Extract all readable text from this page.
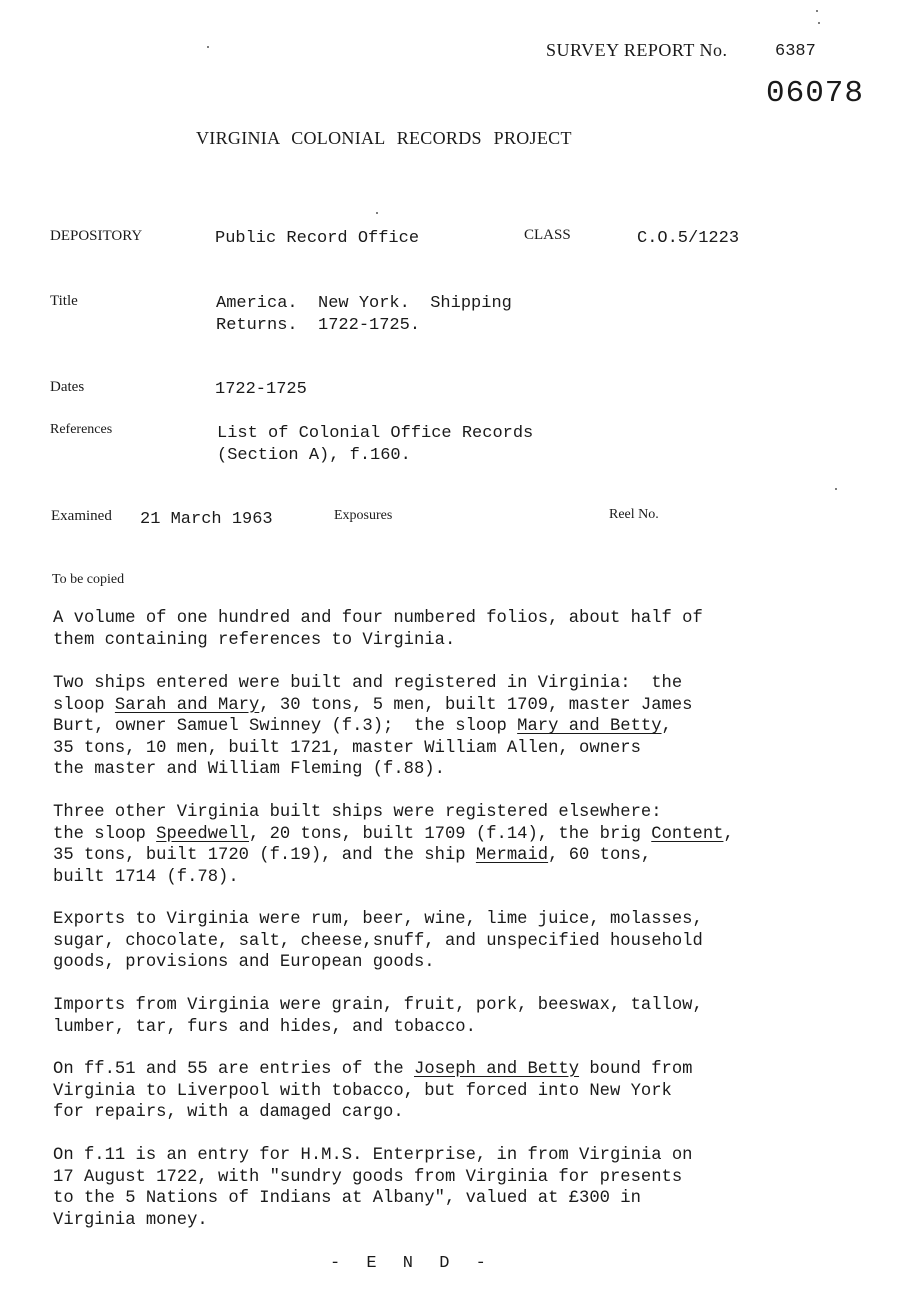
SURVEY REPORT No.	6387
06078
VIRGINIA COLONIAL RECORDS PROJECT
DEPOSITORY	Public Record Office	CLASS	C.O.5/1223
Title	America.  New York.  Shipping
Returns.  1722-1725.
Dates	1722-1725
References	List of Colonial Office Records
(Section A), f.160.
Examined 21 March 1963	Exposures	Reel No.
To be copied
A volume of one hundred and four numbered folios, about half of
them containing references to Virginia.
Two ships entered were built and registered in Virginia:  the
sloop Sarah and Mary, 30 tons, 5 men, built 1709, master James
Burt, owner Samuel Swinney (f.3);  the sloop Mary and Betty,
35 tons, 10 men, built 1721, master William Allen, owners
the master and William Fleming (f.88).
Three other Virginia built ships were registered elsewhere:
the sloop Speedwell, 20 tons, built 1709 (f.14), the brig Content,
35 tons, built 1720 (f.19), and the ship Mermaid, 60 tons,
built 1714 (f.78).
Exports to Virginia were rum, beer, wine, lime juice, molasses,
sugar, chocolate, salt, cheese,snuff, and unspecified household
goods, provisions and European goods.
Imports from Virginia were grain, fruit, pork, beeswax, tallow,
lumber, tar, furs and hides, and tobacco.
On ff.51 and 55 are entries of the Joseph and Betty bound from
Virginia to Liverpool with tobacco, but forced into New York
for repairs, with a damaged cargo.
On f.11 is an entry for H.M.S. Enterprise, in from Virginia on
17 August 1722, with "sundry goods from Virginia for presents
to the 5 Nations of Indians at Albany", valued at £300 in
Virginia money.
- E N D -
